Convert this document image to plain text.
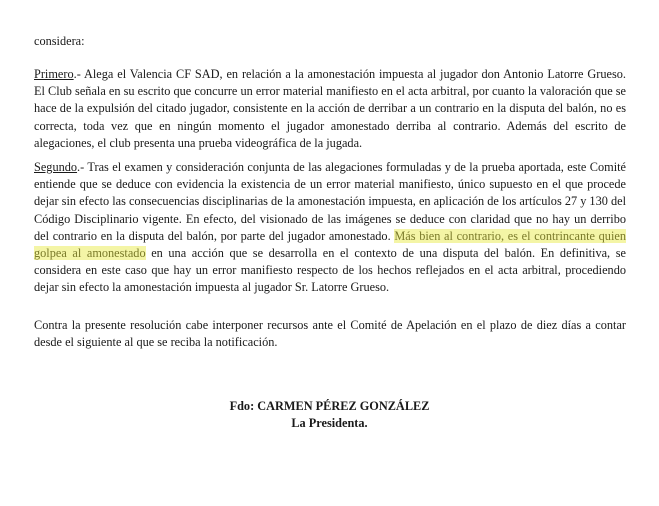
considera:

Primero.- Alega el Valencia CF SAD, en relación a la amonestación impuesta al jugador don Antonio Latorre Grueso. El Club señala en su escrito que concurre un error material manifiesto en el acta arbitral, por cuanto la valoración que se hace de la expulsión del citado jugador, consistente en la acción de derribar a un contrario en la disputa del balón, no es correcta, toda vez que en ningún momento el jugador amonestado derriba al contrario. Además del escrito de alegaciones, el club presenta una prueba videográfica de la jugada.

Segundo.- Tras el examen y consideración conjunta de las alegaciones formuladas y de la prueba aportada, este Comité entiende que se deduce con evidencia la existencia de un error material manifiesto, único supuesto en el que procede dejar sin efecto las consecuencias disciplinarias de la amonestación impuesta, en aplicación de los artículos 27 y 130 del Código Disciplinario vigente. En efecto, del visionado de las imágenes se deduce con claridad que no hay un derribo del contrario en la disputa del balón, por parte del jugador amonestado. Más bien al contrario, es el contrincante quien golpea al amonestado en una acción que se desarrolla en el contexto de una disputa del balón. En definitiva, se considera en este caso que hay un error manifiesto respecto de los hechos reflejados en el acta arbitral, procediendo dejar sin efecto la amonestación impuesta al jugador Sr. Latorre Grueso.

Contra la presente resolución cabe interponer recursos ante el Comité de Apelación en el plazo de diez días a contar desde el siguiente al que se reciba la notificación.

Fdo: CARMEN PÉREZ GONZÁLEZ
La Presidenta.
